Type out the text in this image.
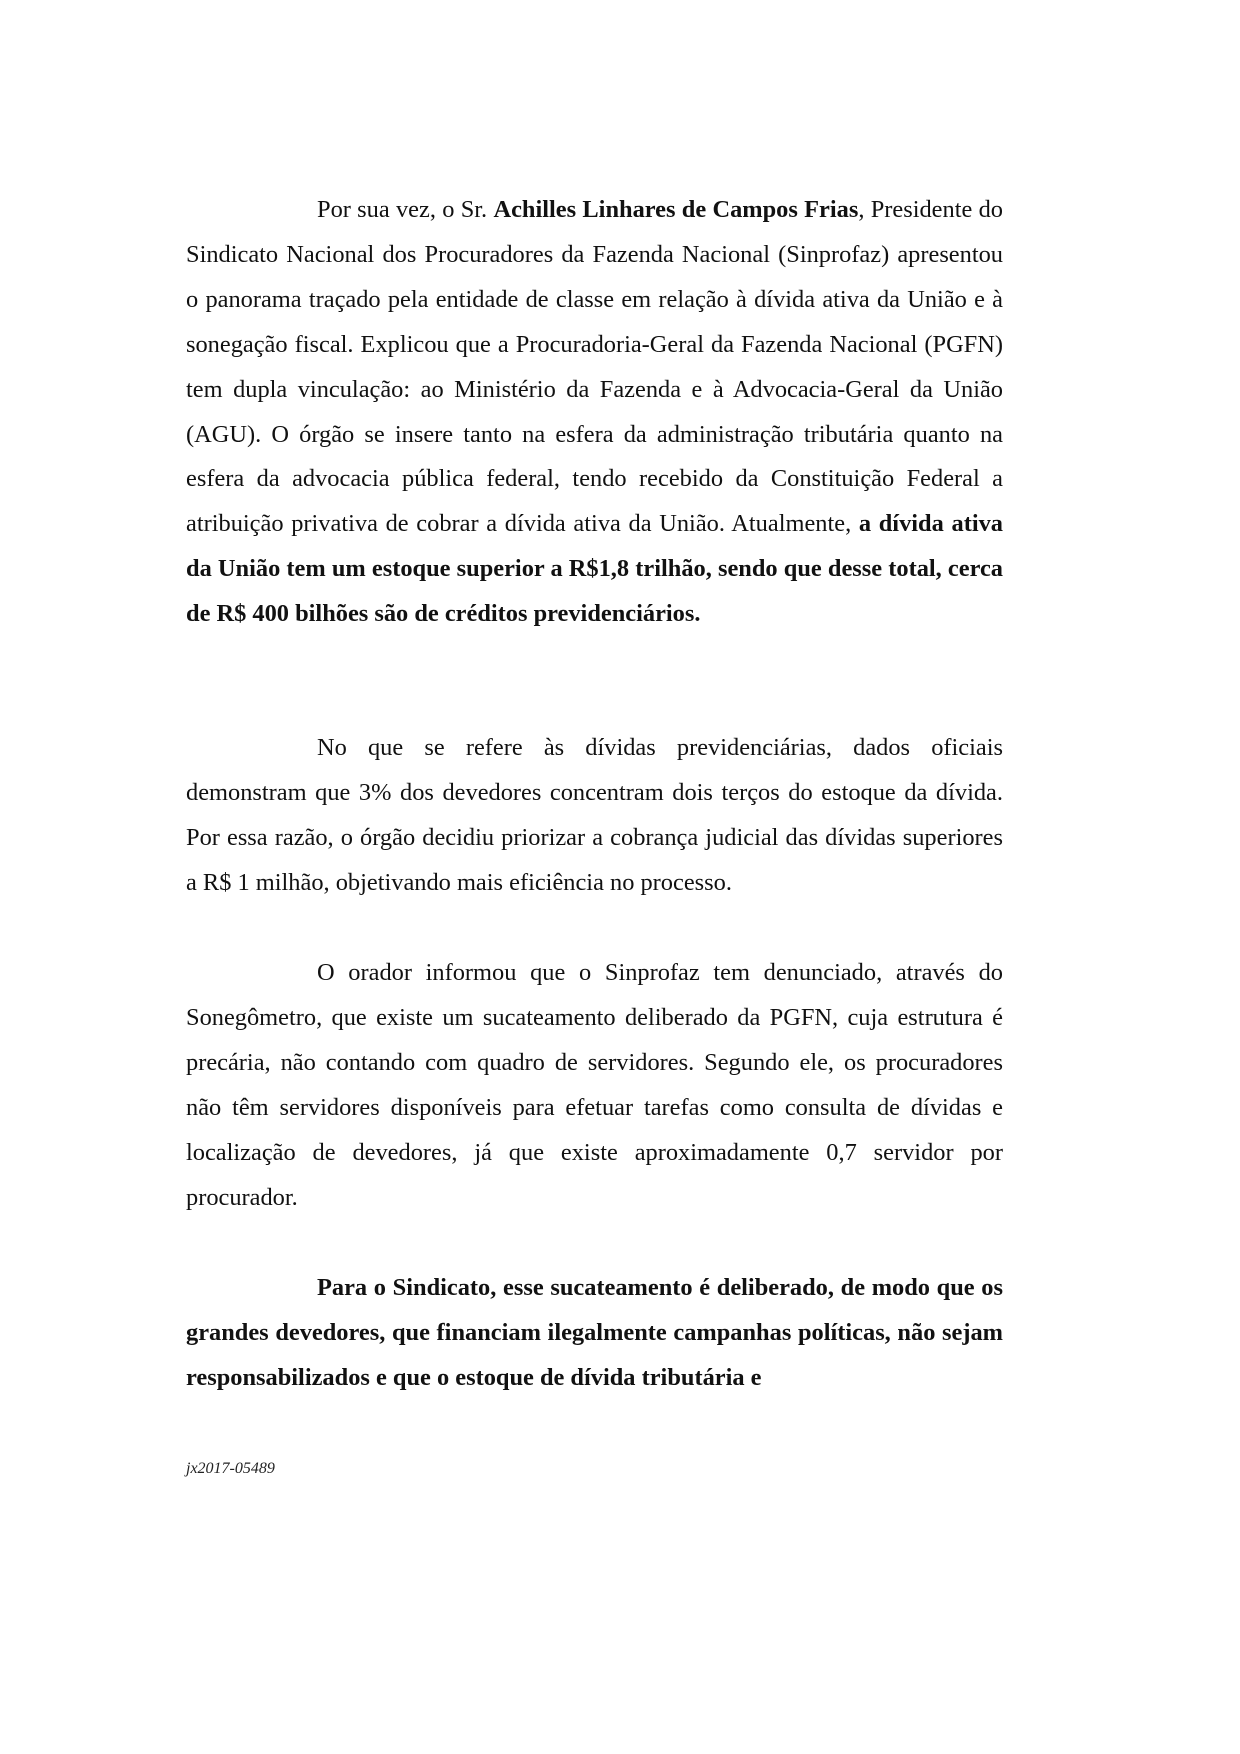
Por sua vez, o Sr. Achilles Linhares de Campos Frias, Presidente do Sindicato Nacional dos Procuradores da Fazenda Nacional (Sinprofaz) apresentou o panorama traçado pela entidade de classe em relação à dívida ativa da União e à sonegação fiscal. Explicou que a Procuradoria-Geral da Fazenda Nacional (PGFN) tem dupla vinculação: ao Ministério da Fazenda e à Advocacia-Geral da União (AGU). O órgão se insere tanto na esfera da administração tributária quanto na esfera da advocacia pública federal, tendo recebido da Constituição Federal a atribuição privativa de cobrar a dívida ativa da União. Atualmente, a dívida ativa da União tem um estoque superior a R$1,8 trilhão, sendo que desse total, cerca de R$ 400 bilhões são de créditos previdenciários.

No que se refere às dívidas previdenciárias, dados oficiais demonstram que 3% dos devedores concentram dois terços do estoque da dívida. Por essa razão, o órgão decidiu priorizar a cobrança judicial das dívidas superiores a R$ 1 milhão, objetivando mais eficiência no processo.

O orador informou que o Sinprofaz tem denunciado, através do Sonegômetro, que existe um sucateamento deliberado da PGFN, cuja estrutura é precária, não contando com quadro de servidores. Segundo ele, os procuradores não têm servidores disponíveis para efetuar tarefas como consulta de dívidas e localização de devedores, já que existe aproximadamente 0,7 servidor por procurador.

Para o Sindicato, esse sucateamento é deliberado, de modo que os grandes devedores, que financiam ilegalmente campanhas políticas, não sejam responsabilizados e que o estoque de dívida tributária e

jx2017-05489
